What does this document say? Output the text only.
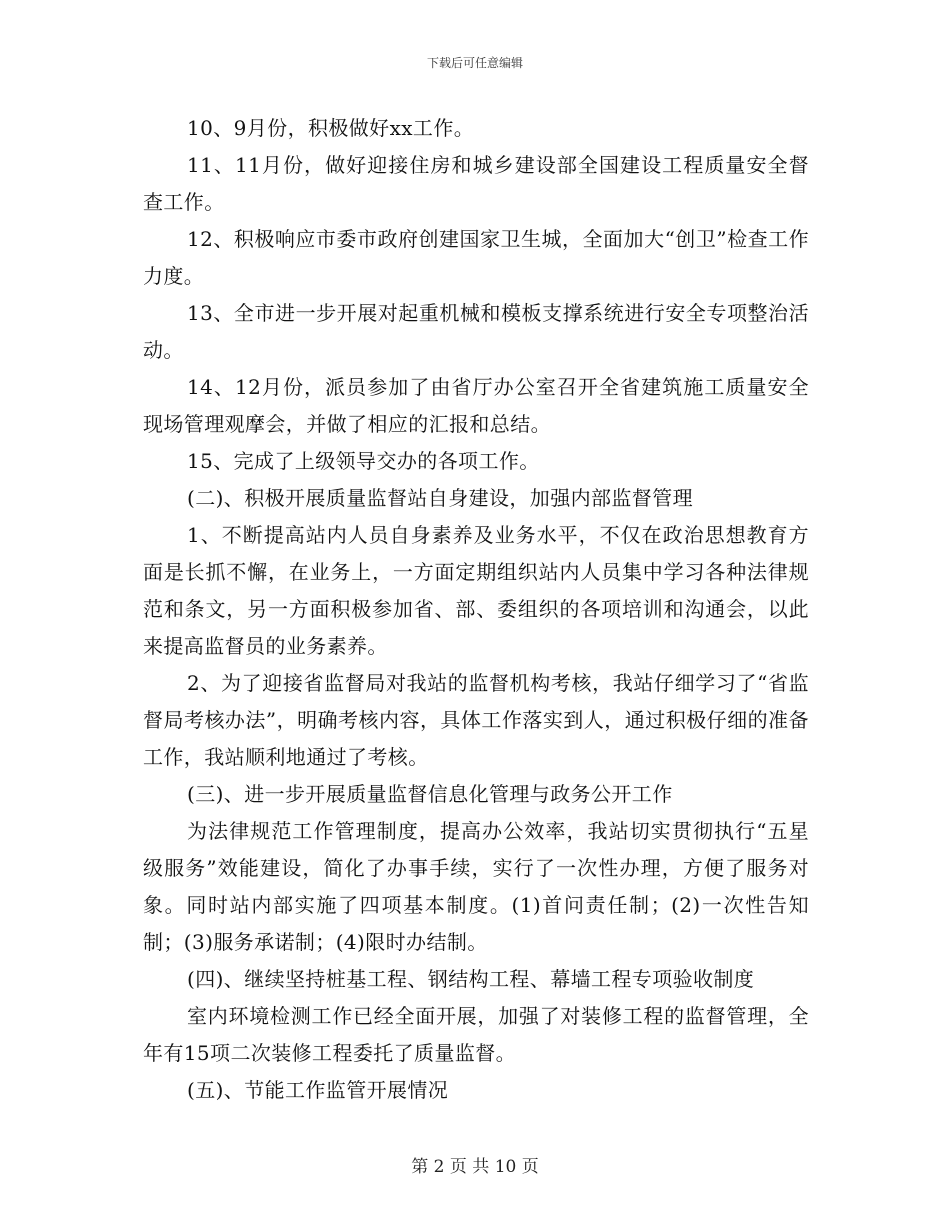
下载后可任意编辑

10、9月份，积极做好xx工作。

11、11月份，做好迎接住房和城乡建设部全国建设工程质量安全督查工作。

12、积极响应市委市政府创建国家卫生城，全面加大“创卫”检查工作力度。

13、全市进一步开展对起重机械和模板支撑系统进行安全专项整治活动。

14、12月份，派员参加了由省厅办公室召开全省建筑施工质量安全现场管理观摩会，并做了相应的汇报和总结。

15、完成了上级领导交办的各项工作。

(二)、积极开展质量监督站自身建设，加强内部监督管理

1、不断提高站内人员自身素养及业务水平，不仅在政治思想教育方面是长抓不懈，在业务上，一方面定期组织站内人员集中学习各种法律规范和条文，另一方面积极参加省、部、委组织的各项培训和沟通会，以此来提高监督员的业务素养。

2、为了迎接省监督局对我站的监督机构考核，我站仔细学习了“省监督局考核办法”，明确考核内容，具体工作落实到人，通过积极仔细的准备工作，我站顺利地通过了考核。

(三)、进一步开展质量监督信息化管理与政务公开工作

为法律规范工作管理制度，提高办公效率，我站切实贯彻执行“五星级服务”效能建设，简化了办事手续，实行了一次性办理，方便了服务对象。同时站内部实施了四项基本制度。(1)首问责任制；(2)一次性告知制；(3)服务承诺制；(4)限时办结制。

(四)、继续坚持桩基工程、钢结构工程、幕墙工程专项验收制度

室内环境检测工作已经全面开展，加强了对装修工程的监督管理，全年有15项二次装修工程委托了质量监督。

(五)、节能工作监管开展情况

第 2 页 共 10 页
